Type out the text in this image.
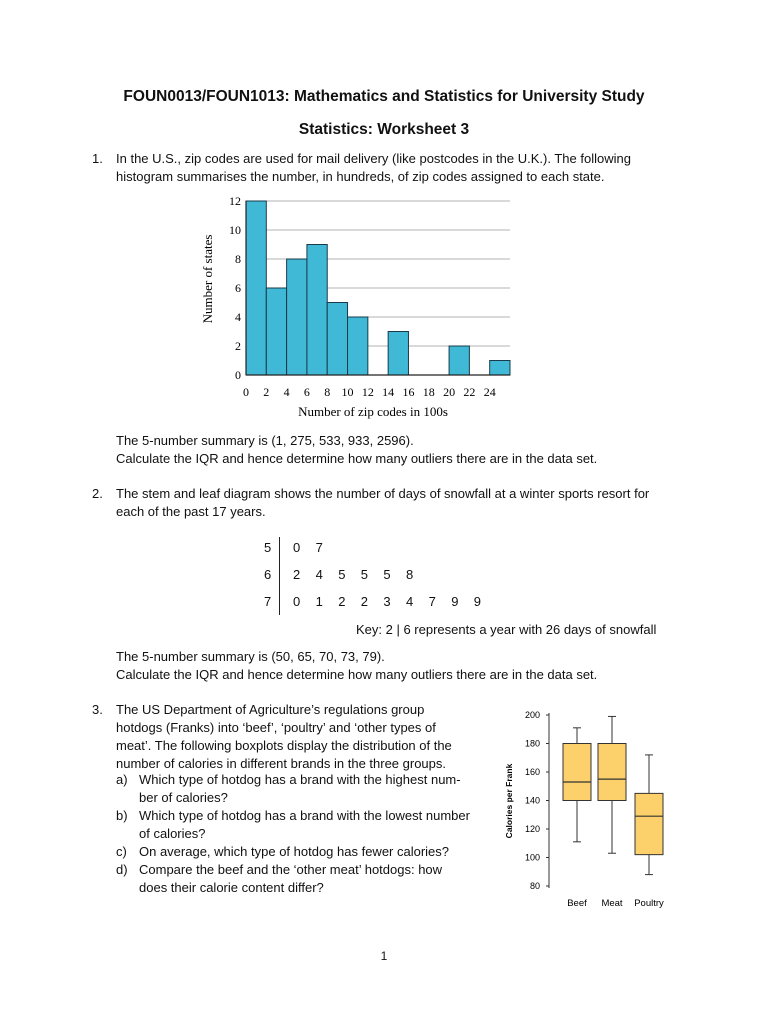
FOUN0013/FOUN1013: Mathematics and Statistics for University Study
Statistics: Worksheet 3
1. In the U.S., zip codes are used for mail delivery (like postcodes in the U.K.). The following
histogram summarises the number, in hundreds, of zip codes assigned to each state.
0 2 4 6 8 10 12 14 16 18 20 22 24
0
2
4
6
8
10
12
Number of zip codes in 100s
Number of states
The 5-number summary is (1, 275, 533, 933, 2596).
Calculate the IQR and hence determine how many outliers there are in the data set.
2. The stem and leaf diagram shows the number of days of snowfall at a winter sports resort for
each of the past 17 years.
5 0 7
6 2 4 5 5 5 8
7 0 1 2 2 3 4 7 9 9
Key: 2 | 6 represents a year with 26 days of snowfall
The 5-number summary is (50, 65, 70, 73, 79).
Calculate the IQR and hence determine how many outliers there are in the data set.
3. The US Department of Agriculture’s regulations group
hotdogs (Franks) into ‘beef’, ‘poultry’ and ‘other types of
meat’. The following boxplots display the distribution of the
number of calories in different brands in the three groups.
a) Which type of hotdog has a brand with the highest num-
ber of calories?
b) Which type of hotdog has a brand with the lowest number
of calories?
c) On average, which type of hotdog has fewer calories?
d) Compare the beef and the ‘other meat’ hotdogs: how
does their calorie content differ?	80
100
120
140
160
180
200
Beef Meat Poultry
Calories per Frank
1
